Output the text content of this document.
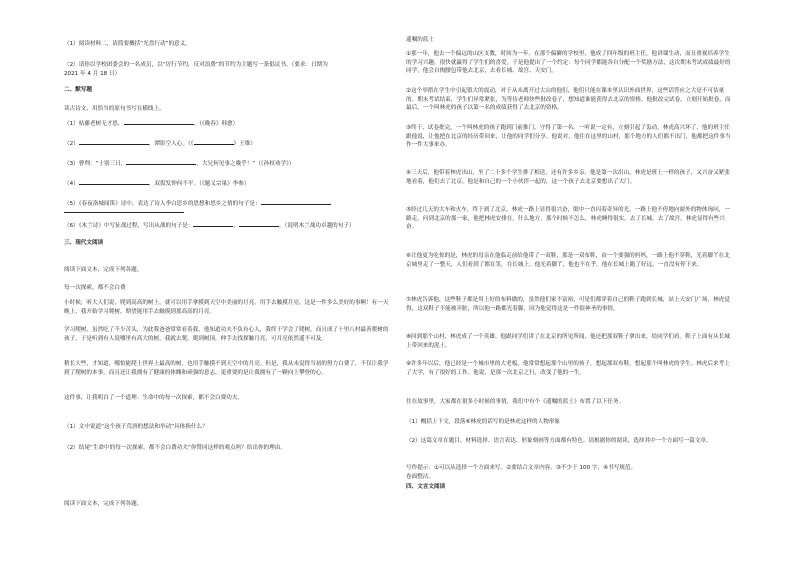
（1）阅读材料二，请简要概括“光盘行动”的意义。

（2）请你以学校团委会的一名成员，以“厉行节约，反对浪费”的节约为主题写一条倡议书。（要求：日期为

2021 年 4 月 18 日）

二、默写题

读古诗文，用恰当的原句书写在横线上。

（1）枯藤老树无才思，	。（《晚春》韩愈）

（2）	，潭影空人心。（《	》王维）

（3）曹刿：“士别三日，	，大兄何见事之晚乎！”（《孙权劝学》）

（4）	，双鬓发钟何不平。（《题义宗巢》李参）

（5）《春夜洛城闻笛》诗中，表达了诗人李白思乡的思想和思乡之情的句子是：

（6）《木兰诗》中写征战过程，写出从战的句子是：	，	。（说明木兰战功卓越的句子）

三、现代文阅读

阅读下面文本，完成下列各题。

每一次探索，都不会白费

小时候，听大人们说，爬到高高的树上，就可以用手拿摸到天空中美丽的月亮。用手去触摸月亮，这是一件多么美好的事啊！有一天晚上，我开始学习爬树，期望能用手去触摸到那高高的月亮。

学习爬树，虽然吃了不少苦头，为此我爸爸常常看着我，他知道功夫不负有心人，我终于学会了爬树，而且成了十里八村最善爬树的孩子。于是听到有人说哪里有高大的树，我就去爬。爬到树顶，伸手去找探触月亮，可月亮依然遥不可及。

稍长大些，才知道，哪怕能爬上世界上最高的树，也用手触摸不到天空中的月亮。但是，我从未觉得当初的努力白费了，不仅让我学到了爬树的本事，而且还让我拥有了健康的体魄和顽强的意志，更重要的是让我拥有了一颗向上攀登的心。

这件事，让我明白了一个道理：生命中的每一次探索，都不会白费功夫。

（1）文中说道“这个孩子荒唐的想法和举动”具体指什么？

（2）结尾“生命中的每一次探索，都不会白费功夫”你赞同这样的观点吗？给出你的理由。

阅读下面文本，完成下列各题。

遥嘱的蓝土

①那一年，他去一个偏远的山区支教，时间为一年。在那个偏僻的学校里，他成了四年级的班主任，他讲课生动，而且重视培养学生的学习兴趣，很快就赢得了学生们的喜爱。于是他提出了一个约定：每个同学都能各自分配一个奖励方法，这次期末考试成绩最好的同学，他会自掏腰包带他去北京，去看长城、故宫、天安门。

②这个举措在学生中引起很大的震动，对于从未离开过大山的他们，他们只能在课本里认识外面世界，这些话答应之大是不可估量的。期末考试结束，学生们异常紧张，为等待老师快些批改卷子，想知道谁能获得去北京的资格。他批改完试卷，立刻开始批卷，而最后，一个叫林虎的孩子以第一名的成绩获得了去北京的资格。

③终于，试卷批完，一个叫林虎的孩子跑到门前推门，守得了第一名。一听说一定有，立刻引起了轰动，林虎高兴坏了，他的班主任跟他说，让他把在北京的经历带回来，让他的同学们分享。他说对，他住在这里的山村，那个地方的人们都不出门，他都把这件事当作一件大事来办。

④三天后，他带着林虎出山，坐了二十多个学生排了相送，还有许多乡亲。他是第一次出山，林虎是班上一样的孩子，又兴奋又紧张地看着，他们去了北京。他是和自己的一个小伙伴一起的，这一个孩子去北京要想出了大门。

⑤经过几天的大车和火车，终于到了北京，林虎一路上显得很兴奋，眼中一直闪着奇异的光，一路上他不停地向窗外的物体询问，一路走，问到北京的那一家，他把林虎安排在，什么地方，那个时候不怎么，林虎睡得很实，去了长城，去了故宫，林虎显得有些兴奋。

⑥让他更为吃惊的是，林虎的母亲在他临走前给他带了一双鞋，那是一双布鞋，由一个要强的妈妈，一路上他不穿鞋，光着脚丫在北京城里走了一整天，人们看到了都在笑，在长城上，他光着脚丫，他也不在乎。他在长城上跑了好远，一直没有停下来。

⑦林虎告诉他，这些鞋子都是用上好的布料做的，虽然他们家不富裕，可是们都穿着自己的鞋子跑到长城，站上天安门广场，林虎觉得，这双鞋子不能被弄脏，所以他一路都光着脚，因为他觉得这是一件很神圣的事情。

⑧回到那个山村，林虎成了一个英雄。他跟同学们讲了在北京的所见所闻，他还把那双鞋子拿出来，给同学们看。鞋子上面有从长城上带回来的泥土。

⑨许多年以后，他已经是一个城市里的大老板，他常常想起那个山里的孩子，想起那双布鞋，想起那个叫林虎的学生。林虎后来考上了大学，有了很好的工作。他说，是那一次北京之行，改变了他的一生。

住在故事里，大家都在很多小时候的事情，我们中有个《遥嘱的蓝土》布置了以下任务。

（1）概括上下文，段落⑥林虎的话写的是林虎这样的人物形象

（2）这篇文章在题目、材料选择、语言表达、形象刻画等方面都有特色。请根据你的阅读，选择其中一个方面写一篇文章。

写作提示：①可以从选择一个方面来写。②要结合文章内容。③不少于 100 字，④书写规范。

卷面整洁。

四、文言文阅读
